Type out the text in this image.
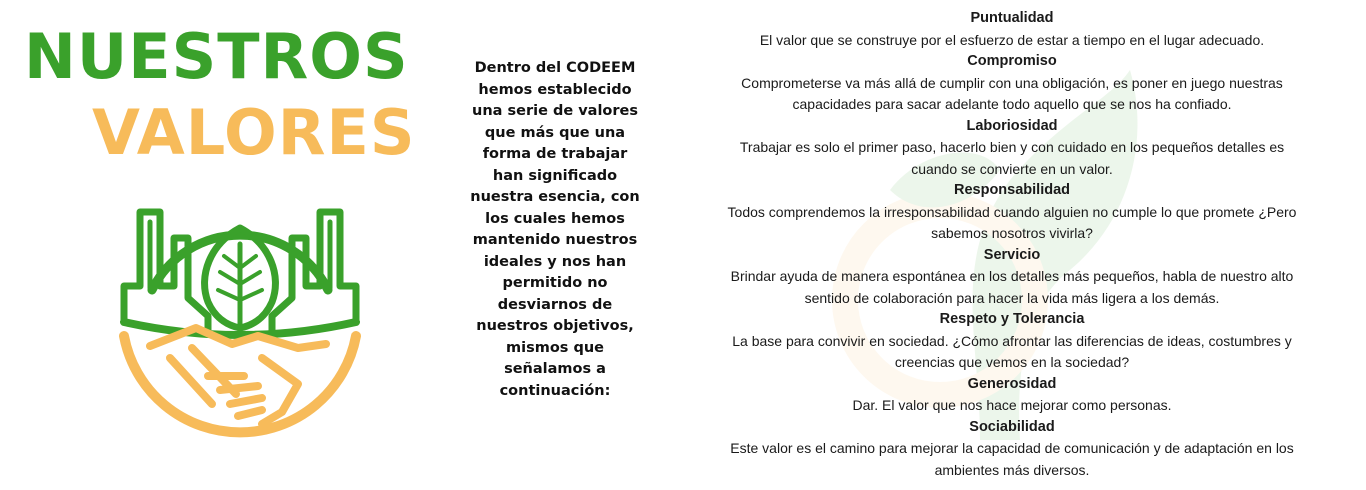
NUESTROS
VALORES
Dentro del CODEEM hemos establecido una serie de valores que más que una forma de trabajar han significado nuestra esencia, con los cuales hemos mantenido nuestros ideales y nos han permitido no desviarnos de nuestros objetivos, mismos que señalamos a continuación:
Puntualidad
El valor que se construye por el esfuerzo de estar a tiempo en el lugar adecuado.
Compromiso
Comprometerse va más allá de cumplir con una obligación, es poner en juego nuestras capacidades para sacar adelante todo aquello que se nos ha confiado.
Laboriosidad
Trabajar es solo el primer paso, hacerlo bien y con cuidado en los pequeños detalles es cuando se convierte en un valor.
Responsabilidad
Todos comprendemos la irresponsabilidad cuando alguien no cumple lo que promete ¿Pero sabemos nosotros vivirla?
Servicio
Brindar ayuda de manera espontánea en los detalles más pequeños, habla de nuestro alto sentido de colaboración para hacer la vida más ligera a los demás.
Respeto y Tolerancia
La base para convivir en sociedad. ¿Cómo afrontar las diferencias de ideas, costumbres y creencias que vemos en la sociedad?
Generosidad
Dar. El valor que nos hace mejorar como personas.
Sociabilidad
Este valor es el camino para mejorar la capacidad de comunicación y de adaptación en los ambientes más diversos.
